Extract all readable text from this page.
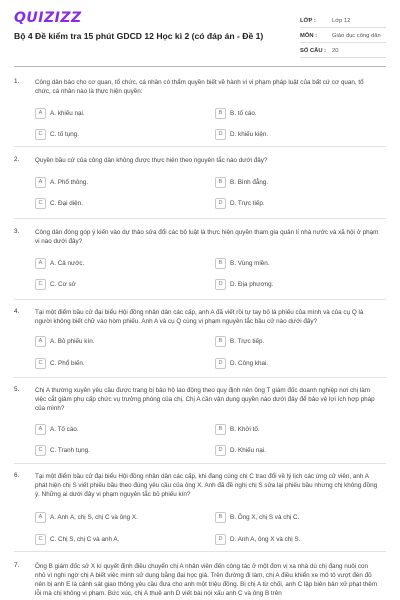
QUIZIZZ
Bộ 4 Đề kiểm tra 15 phút GDCD 12 Học kì 2 (có đáp án - Đề 1)
LỚP :	Lớp 12
MÔN :	Giáo dục công dân
SỐ CÂU :	20
1. Công dân báo cho cơ quan, tổ chức, cá nhân có thẩm quyền biết về hành vi vi phạm pháp luật của bất cứ cơ quan, tổ chức, cá nhân nào là thực hiện quyền:
A	A. khiếu nại.	B	B. tố cáo.
C	C. tố tụng.	D	D. khiếu kiện.
2. Quyền bầu cử của công dân không được thực hiện theo nguyên tắc nào dưới đây?
A	A. Phổ thông.	B	B. Bình đẳng.
C	C. Đại diện.	D	D. Trực tiếp.
3. Công dân đóng góp ý kiến vào dự thảo sửa đổi các bộ luật là thực hiện quyền tham gia quản lí nhà nước và xã hội ở phạm vi nào dưới đây?
A	A. Cả nước.	B	B. Vùng miền.
C	C. Cơ sở	D	D. Địa phương.
4. Tại một điểm bầu cử đại biểu Hội đồng nhân dân các cấp, anh A đã viết rồi tự tay bỏ lá phiếu của mình và của cụ Q là người không biết chữ vào hòm phiếu. Anh A và cụ Q cùng vi phạm nguyên tắc bầu cử nào dưới đây?
A	A. Bỏ phiếu kín.	B	B. Trực tiếp.
C	C. Phổ biến.	D	D. Công khai.
5. Chị A thường xuyên yêu cầu được trang bị bảo hộ lao động theo quy định nên ông T giám đốc doanh nghiệp nơi chị làm việc cắt giảm phụ cấp chức vụ trưởng phòng của chị. Chị A cần vận dụng quyền nào dưới đây để bảo vệ lợi ích hợp pháp của mình?
A	A. Tố cáo.	B	B. Khởi tố.
C	C. Tranh tụng.	D	D. Khiếu nại.
6. Tại một điểm bầu cử đại biểu Hội đồng nhân dân các cấp, khi đang cùng chị C trao đổi về lý lịch các ứng cử viên, anh A phát hiện chị S viết phiếu bầu theo đúng yêu cầu của ông X. Anh đã đề nghị chị S sửa lại phiếu bầu nhưng chị không đồng ý. Những ai dưới đây vi phạm nguyên tắc bỏ phiếu kín?
A	A. Anh A, chị S, chị C và ông X.	B	B. Ông X, chị S và chị C.
C	C. Chị S, chị C và anh A.	D	D. Anh A, ông X và chị S.
7. Ông B giám đốc sở X kí quyết định điều chuyển chị A nhân viên đến công tác ở một đơn vị xa nhà dù chị đang nuôi con nhỏ vì nghi ngờ chị A biết việc mình sử dụng bằng đại học giả. Trên đường đi làm, chị A điều khiển xe mô tô vượt đèn đỏ nên bị anh E là cảnh sát giao thông yêu cầu đưa cho anh một triệu đồng. Bị chị A từ chối, anh C lập biên bản xử phạt thêm lỗi mà chị không vi phạm. Bức xúc, chị A thuê anh D viết bài nói xấu anh C và ông B trên
